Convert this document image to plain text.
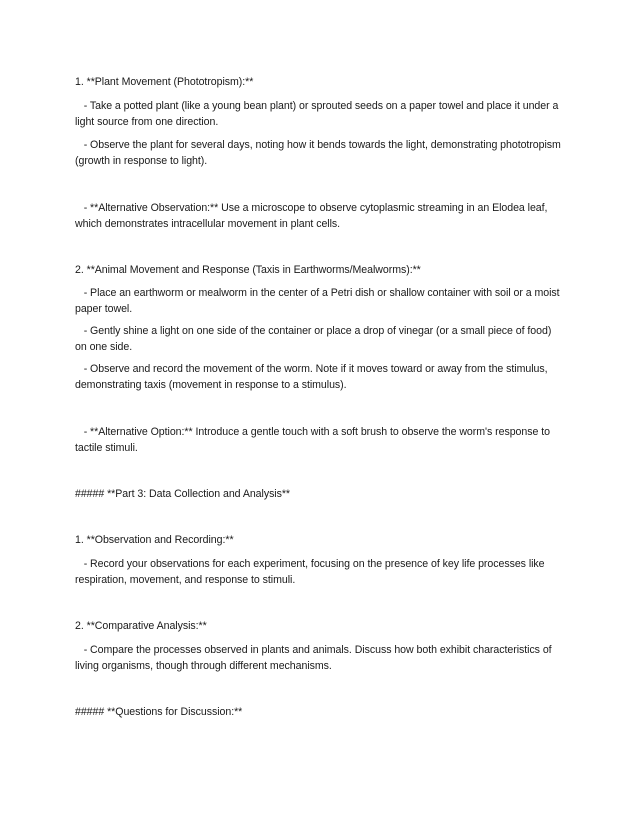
1. **Plant Movement (Phototropism):**

- Take a potted plant (like a young bean plant) or sprouted seeds on a paper towel and place it under a light source from one direction.

- Observe the plant for several days, noting how it bends towards the light, demonstrating phototropism (growth in response to light).

- **Alternative Observation:** Use a microscope to observe cytoplasmic streaming in an Elodea leaf, which demonstrates intracellular movement in plant cells.

2. **Animal Movement and Response (Taxis in Earthworms/Mealworms):**

- Place an earthworm or mealworm in the center of a Petri dish or shallow container with soil or a moist paper towel.

- Gently shine a light on one side of the container or place a drop of vinegar (or a small piece of food) on one side.

- Observe and record the movement of the worm. Note if it moves toward or away from the stimulus, demonstrating taxis (movement in response to a stimulus).

- **Alternative Option:** Introduce a gentle touch with a soft brush to observe the worm's response to tactile stimuli.

##### **Part 3: Data Collection and Analysis**

1. **Observation and Recording:**

- Record your observations for each experiment, focusing on the presence of key life processes like respiration, movement, and response to stimuli.

2. **Comparative Analysis:**

- Compare the processes observed in plants and animals. Discuss how both exhibit characteristics of living organisms, though through different mechanisms.

##### **Questions for Discussion:**
